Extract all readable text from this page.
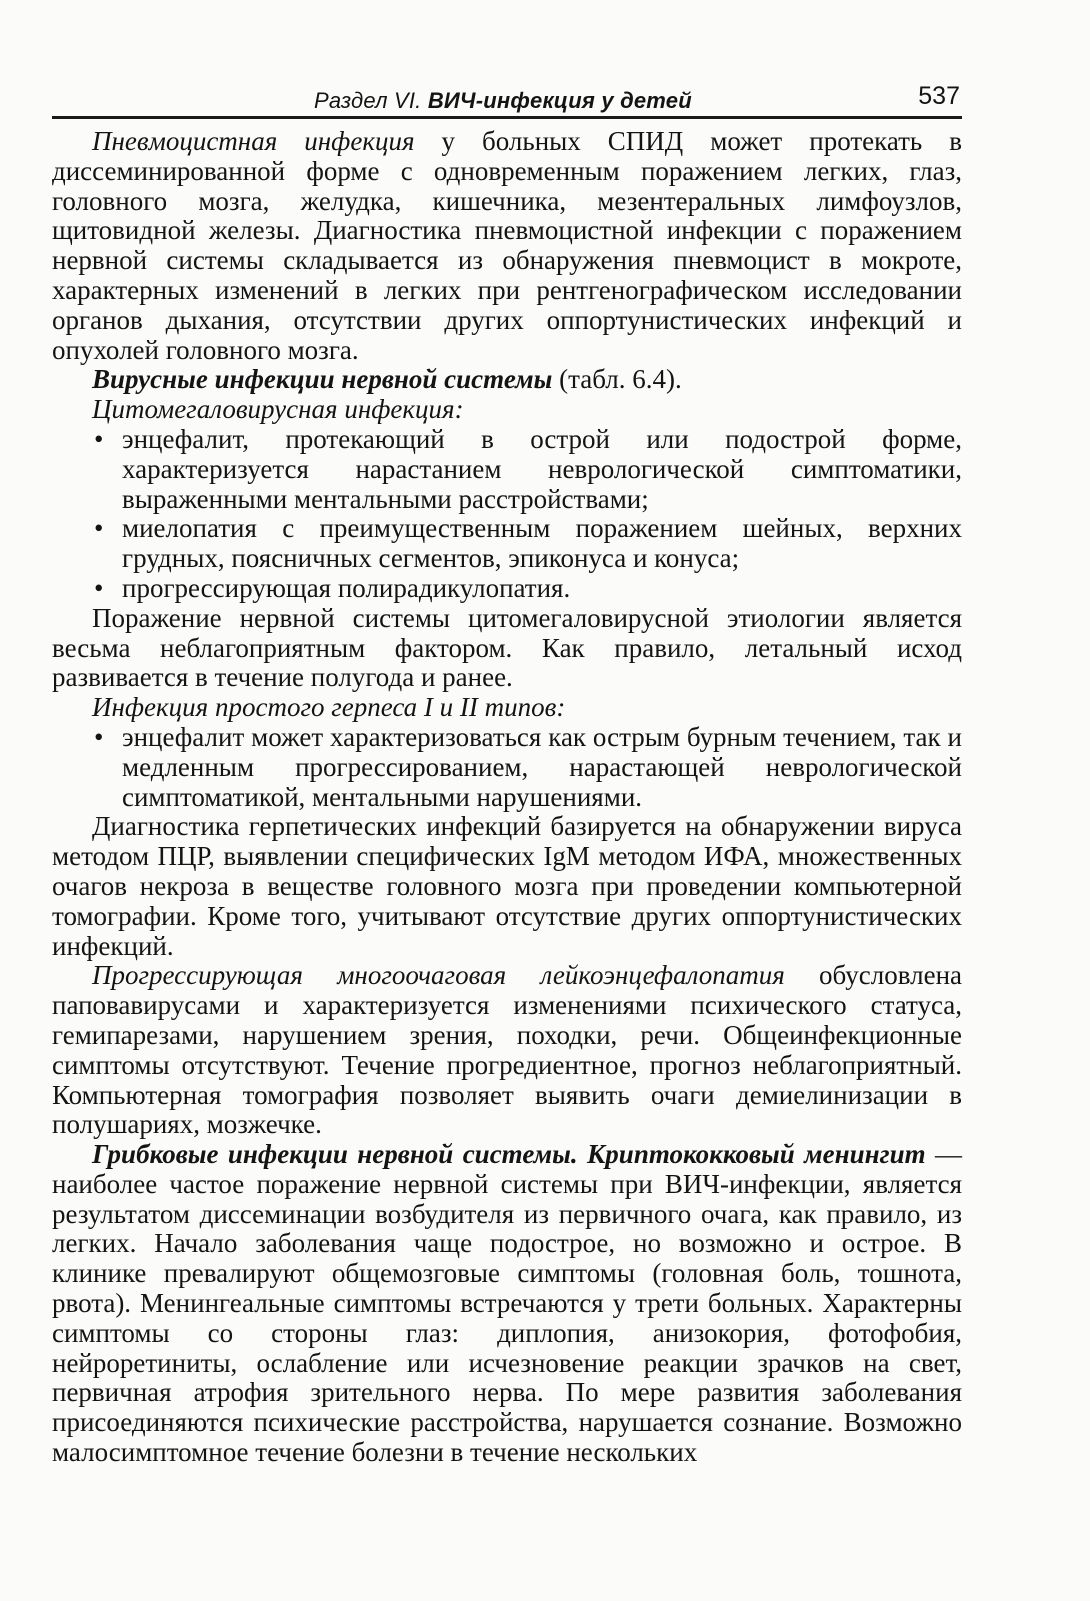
Раздел VI. ВИЧ-инфекция у детей	537

Пневмоцистная инфекция у больных СПИД может протекать в диссеминированной форме с одновременным поражением легких, глаз, головного мозга, желудка, кишечника, мезентеральных лимфоузлов, щитовидной железы. Диагностика пневмоцистной инфекции с поражением нервной системы складывается из обнаружения пневмоцист в мокроте, характерных изменений в легких при рентгенографическом исследовании органов дыхания, отсутствии других оппортунистических инфекций и опухолей головного мозга.

Вирусные инфекции нервной системы (табл. 6.4).

Цитомегаловирусная инфекция:

• энцефалит, протекающий в острой или подострой форме, характеризуется нарастанием неврологической симптоматики, выраженными ментальными расстройствами;
• миелопатия с преимущественным поражением шейных, верхних грудных, поясничных сегментов, эпиконуса и конуса;
• прогрессирующая полирадикулопатия.

Поражение нервной системы цитомегаловирусной этиологии является весьма неблагоприятным фактором. Как правило, летальный исход развивается в течение полугода и ранее.

Инфекция простого герпеса I и II типов:

• энцефалит может характеризоваться как острым бурным течением, так и медленным прогрессированием, нарастающей неврологической симптоматикой, ментальными нарушениями.

Диагностика герпетических инфекций базируется на обнаружении вируса методом ПЦР, выявлении специфических IgM методом ИФА, множественных очагов некроза в веществе головного мозга при проведении компьютерной томографии. Кроме того, учитывают отсутствие других оппортунистических инфекций.

Прогрессирующая многоочаговая лейкоэнцефалопатия обусловлена паповавирусами и характеризуется изменениями психического статуса, гемипарезами, нарушением зрения, походки, речи. Общеинфекционные симптомы отсутствуют. Течение прогредиентное, прогноз неблагоприятный. Компьютерная томография позволяет выявить очаги демиелинизации в полушариях, мозжечке.

Грибковые инфекции нервной системы. Криптококковый менингит — наиболее частое поражение нервной системы при ВИЧ-инфекции, является результатом диссеминации возбудителя из первичного очага, как правило, из легких. Начало заболевания чаще подострое, но возможно и острое. В клинике превалируют общемозговые симптомы (головная боль, тошнота, рвота). Менингеальные симптомы встречаются у трети больных. Характерны симптомы со стороны глаз: диплопия, анизокория, фотофобия, нейроретиниты, ослабление или исчезновение реакции зрачков на свет, первичная атрофия зрительного нерва. По мере развития заболевания присоединяются психические расстройства, нарушается сознание. Возможно малосимптомное течение болезни в течение нескольких
